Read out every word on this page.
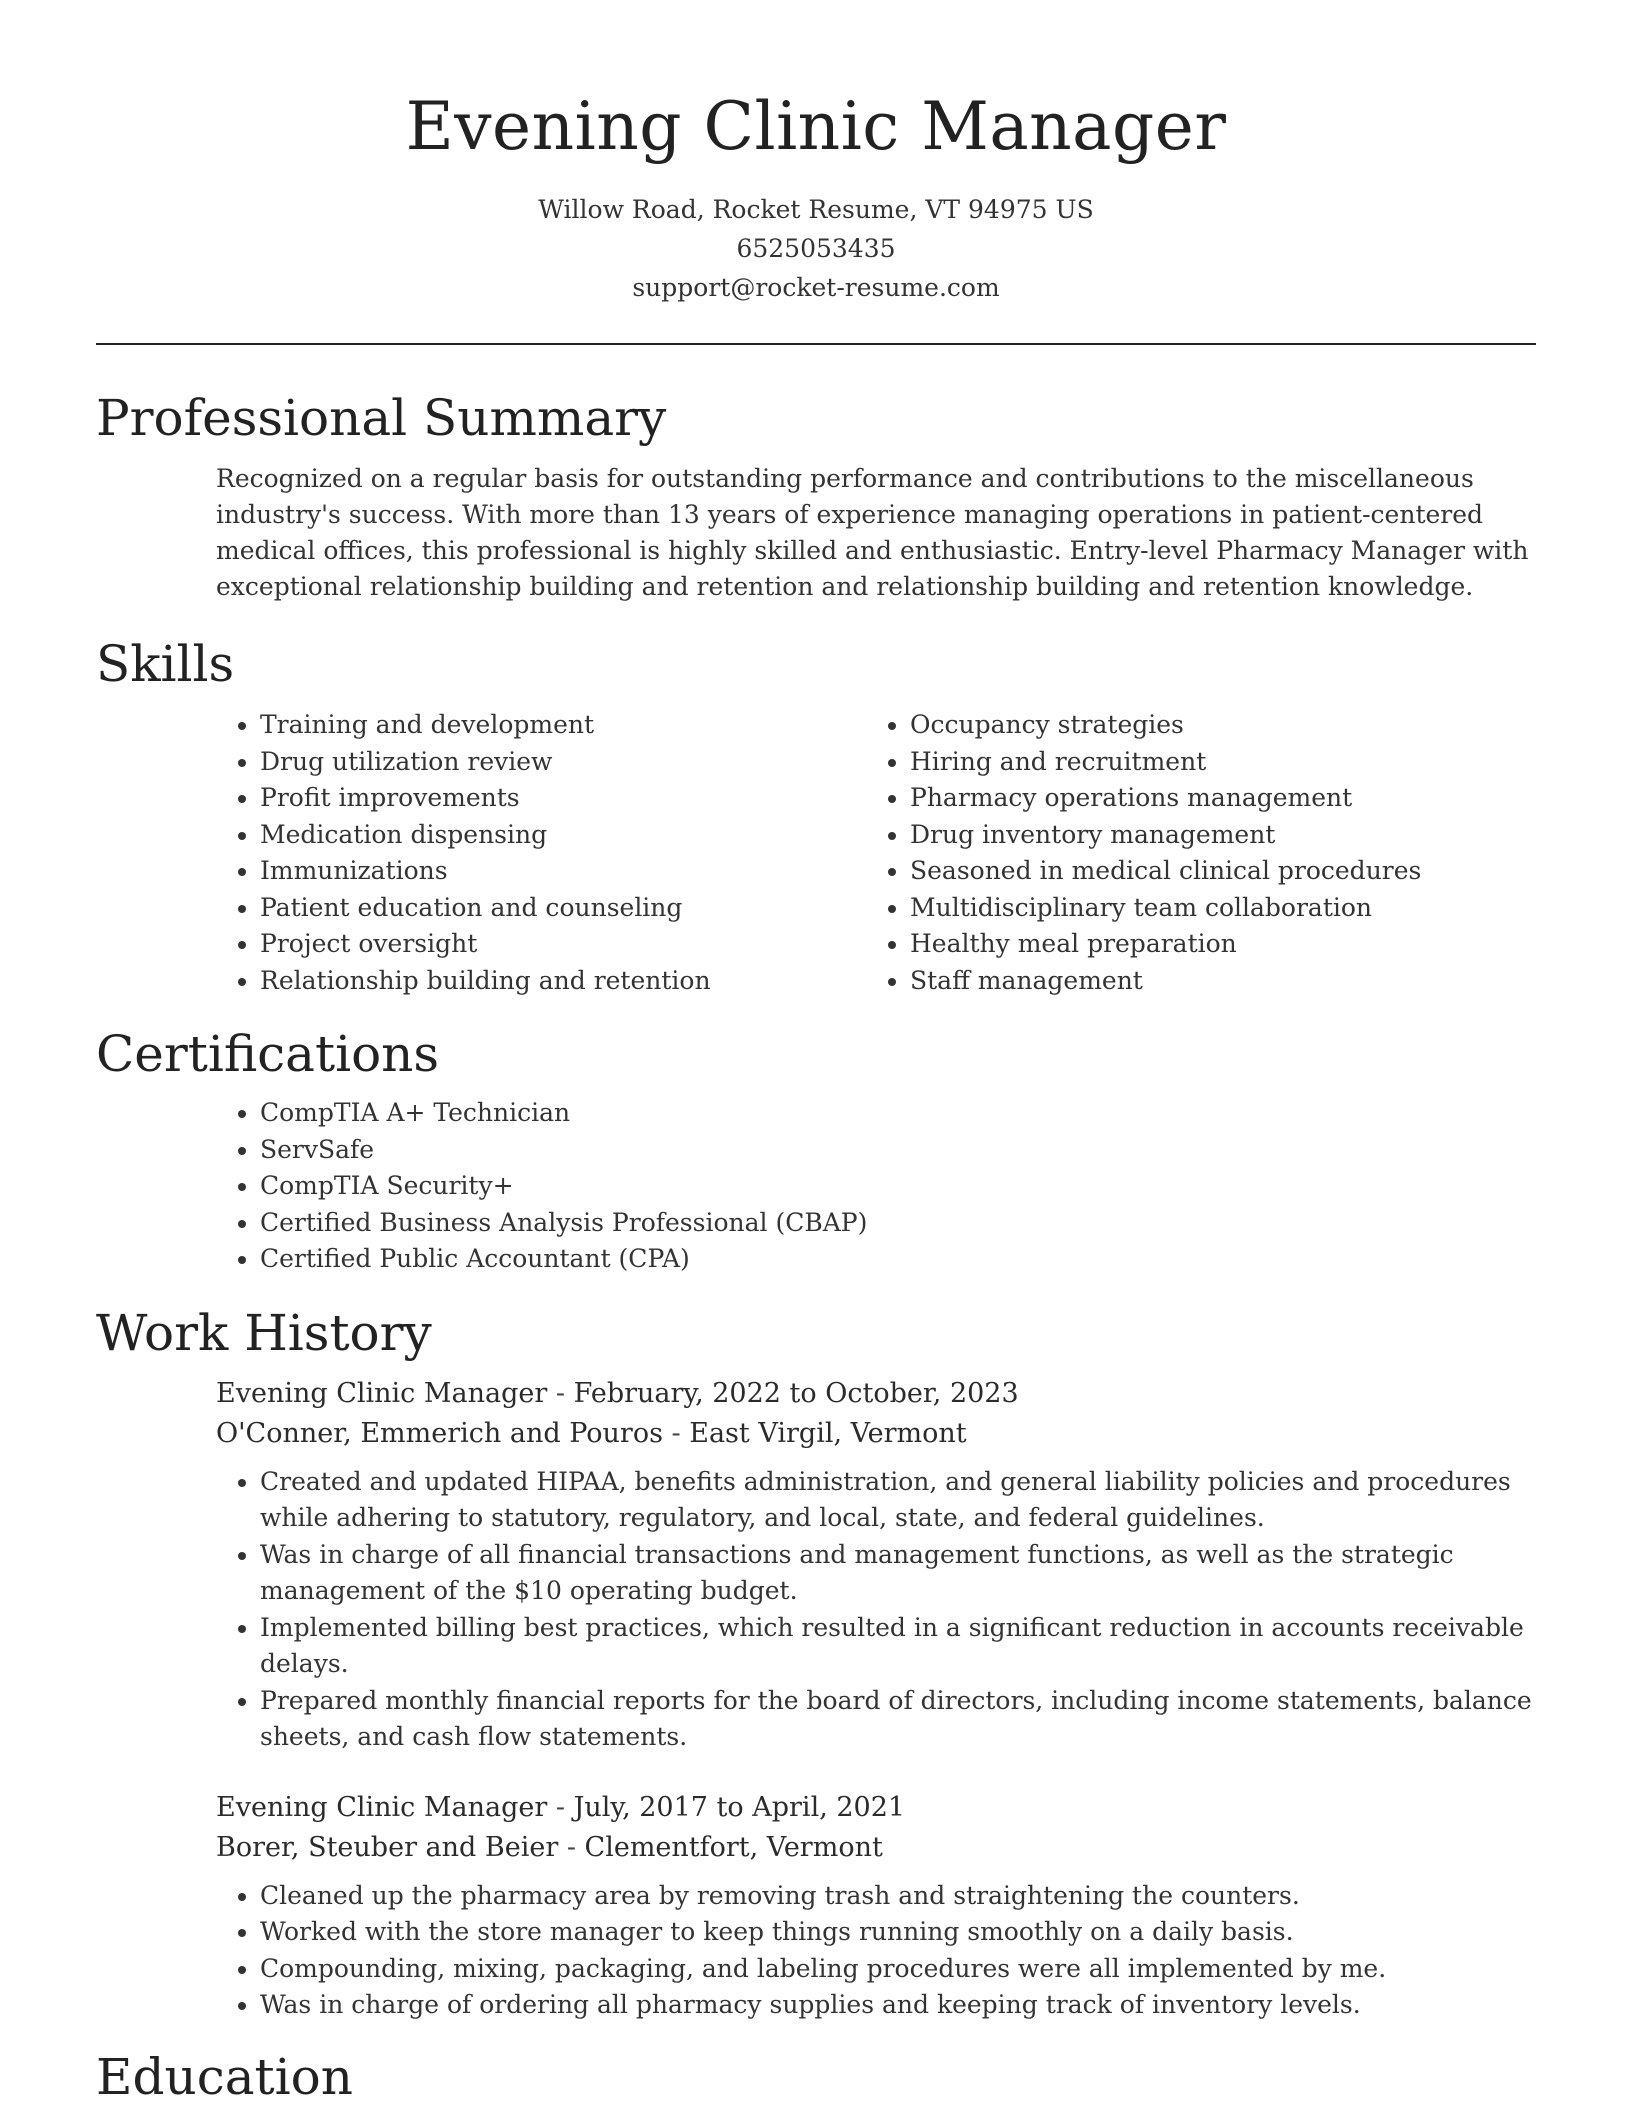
Evening Clinic Manager
Willow Road, Rocket Resume, VT 94975 US
6525053435
support@rocket-resume.com
Professional Summary
Recognized on a regular basis for outstanding performance and contributions to the miscellaneous industry's success. With more than 13 years of experience managing operations in patient-centered medical offices, this professional is highly skilled and enthusiastic. Entry-level Pharmacy Manager with exceptional relationship building and retention and relationship building and retention knowledge.
Skills
• Training and development
• Drug utilization review
• Profit improvements
• Medication dispensing
• Immunizations
• Patient education and counseling
• Project oversight
• Relationship building and retention
• Occupancy strategies
• Hiring and recruitment
• Pharmacy operations management
• Drug inventory management
• Seasoned in medical clinical procedures
• Multidisciplinary team collaboration
• Healthy meal preparation
• Staff management
Certifications
• CompTIA A+ Technician
• ServSafe
• CompTIA Security+
• Certified Business Analysis Professional (CBAP)
• Certified Public Accountant (CPA)
Work History
Evening Clinic Manager - February, 2022 to October, 2023
O'Conner, Emmerich and Pouros - East Virgil, Vermont
• Created and updated HIPAA, benefits administration, and general liability policies and procedures while adhering to statutory, regulatory, and local, state, and federal guidelines.
• Was in charge of all financial transactions and management functions, as well as the strategic management of the $10 operating budget.
• Implemented billing best practices, which resulted in a significant reduction in accounts receivable delays.
• Prepared monthly financial reports for the board of directors, including income statements, balance sheets, and cash flow statements.
Evening Clinic Manager - July, 2017 to April, 2021
Borer, Steuber and Beier - Clementfort, Vermont
• Cleaned up the pharmacy area by removing trash and straightening the counters.
• Worked with the store manager to keep things running smoothly on a daily basis.
• Compounding, mixing, packaging, and labeling procedures were all implemented by me.
• Was in charge of ordering all pharmacy supplies and keeping track of inventory levels.
Education
